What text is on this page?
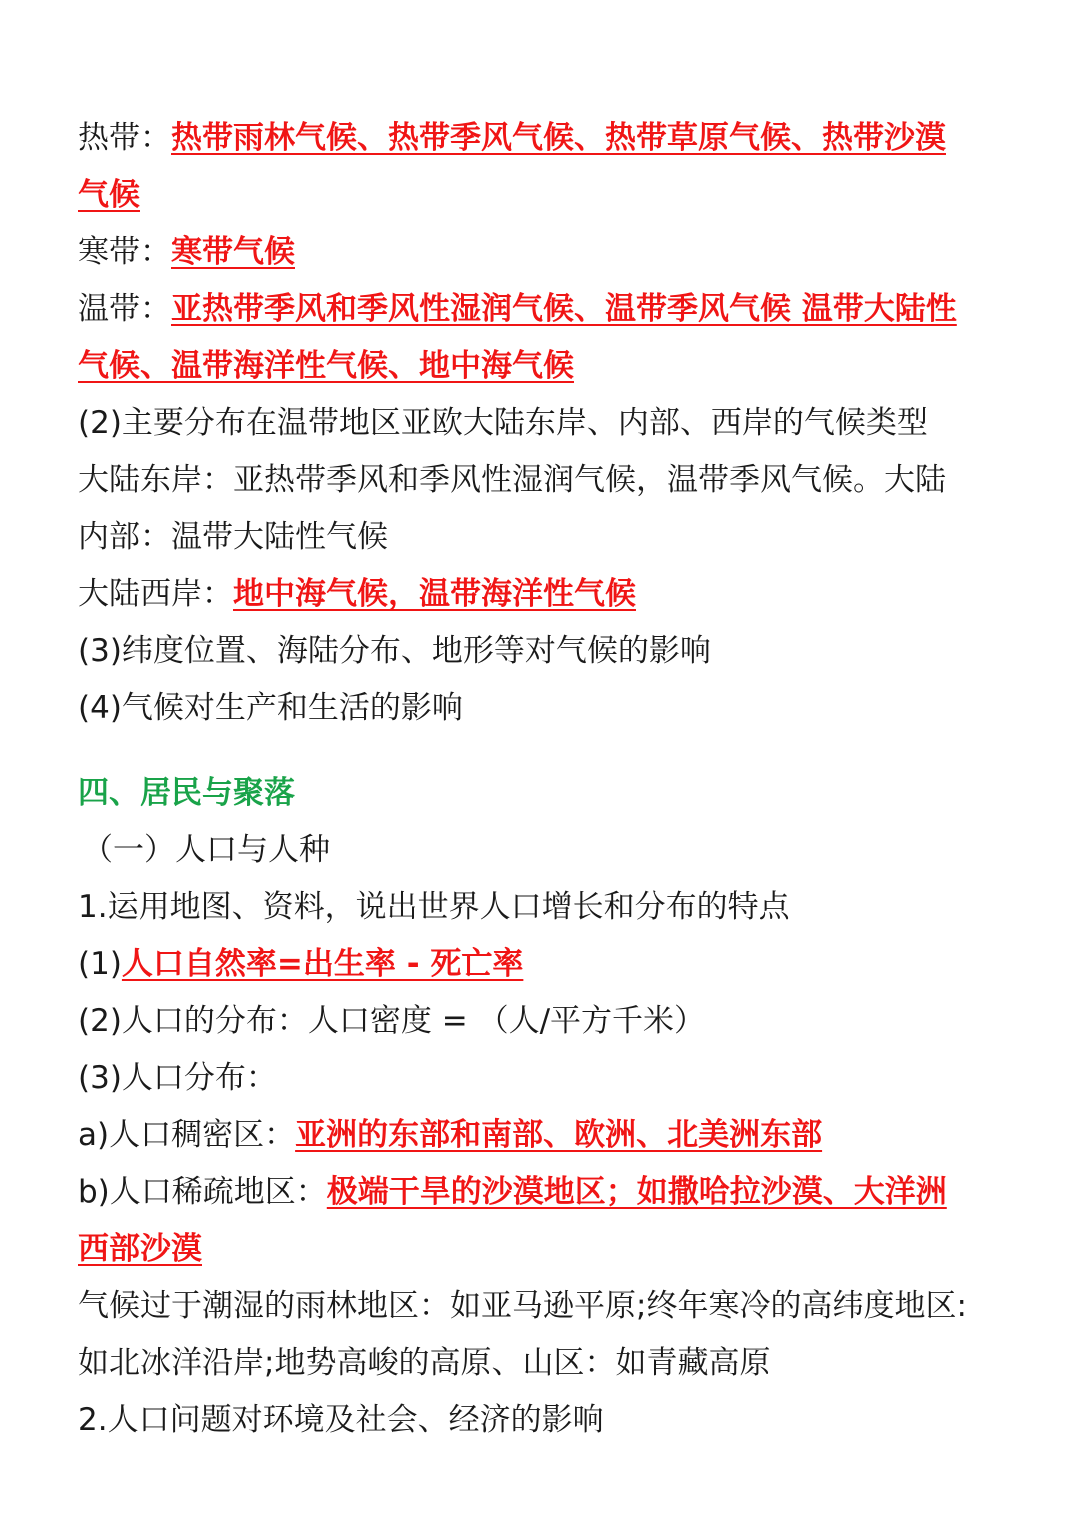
热带：热带雨林气候、热带季风气候、热带草原气候、热带沙漠

气候

寒带：寒带气候

温带：亚热带季风和季风性湿润气候、温带季风气候 温带大陆性

气候、温带海洋性气候、地中海气候

(2)主要分布在温带地区亚欧大陆东岸、内部、西岸的气候类型

大陆东岸：亚热带季风和季风性湿润气候，温带季风气候。大陆

内部：温带大陆性气候

大陆西岸：地中海气候，温带海洋性气候

(3)纬度位置、海陆分布、地形等对气候的影响

(4)气候对生产和生活的影响

四、居民与聚落

（一）人口与人种

1.运用地图、资料，说出世界人口增长和分布的特点

(1)人口自然率=出生率 - 死亡率

(2)人口的分布：人口密度 = （人/平方千米）

(3)人口分布：

a)人口稠密区：亚洲的东部和南部、欧洲、北美洲东部

b)人口稀疏地区：极端干旱的沙漠地区；如撒哈拉沙漠、大洋洲

西部沙漠

气候过于潮湿的雨林地区：如亚马逊平原;终年寒冷的高纬度地区:

如北冰洋沿岸;地势高峻的高原、山区：如青藏高原

2.人口问题对环境及社会、经济的影响
